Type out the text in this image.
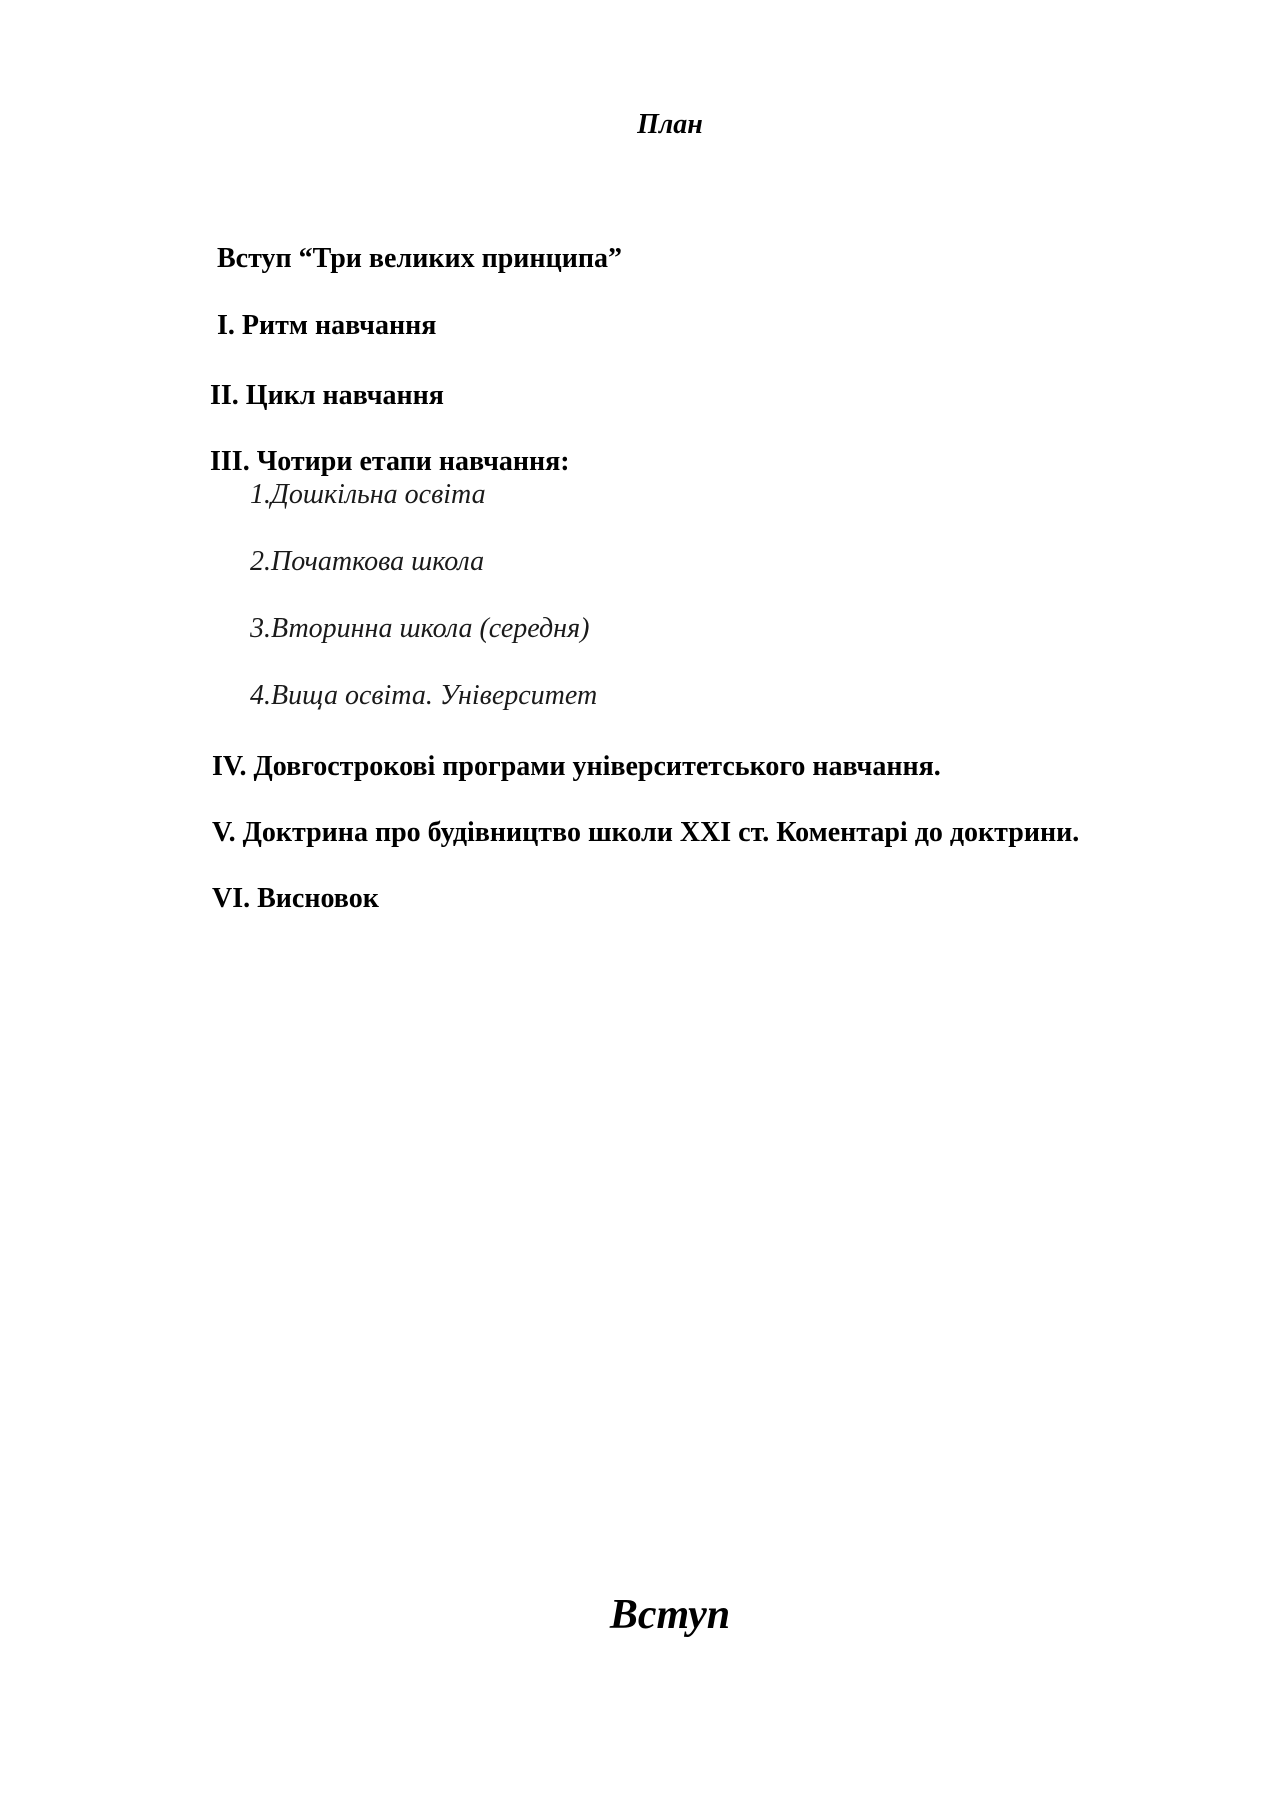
План
Вступ “Три великих принципа”
I. Ритм навчання
II. Цикл навчання
III. Чотири етапи навчання:
1.Дошкільна освіта
2.Початкова школа
3.Вторинна школа (середня)
4.Вища освіта. Університет
IV. Довгострокові програми університетського навчання.
V. Доктрина про будівництво школи XXI ст. Коментарі до доктрини.
VI. Висновок
Вступ
